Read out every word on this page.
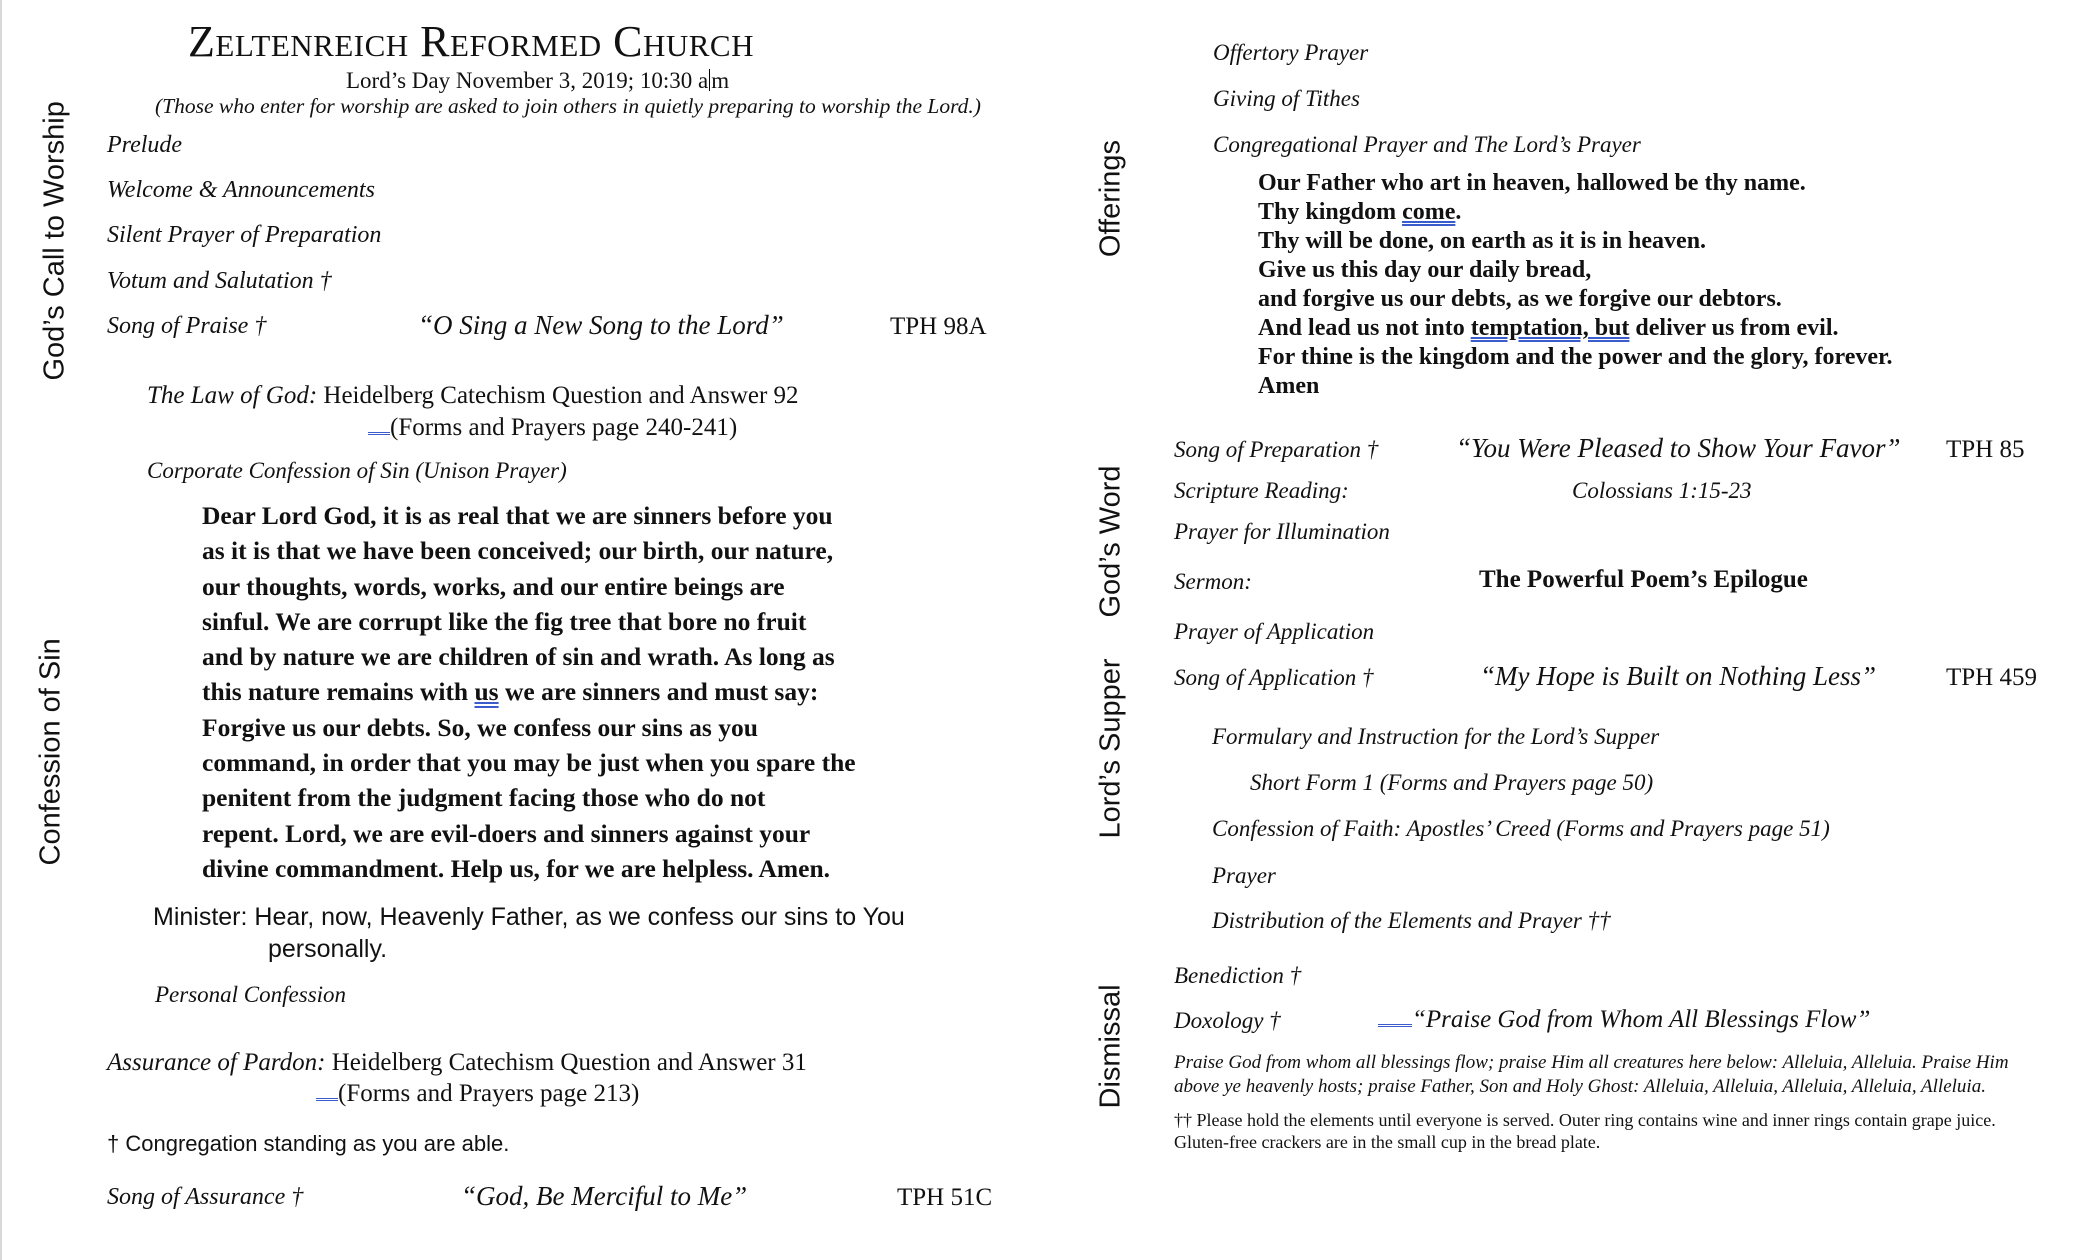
Zeltenreich Reformed Church
Lord’s Day November 3, 2019; 10:30 a m
(Those who enter for worship are asked to join others in quietly preparing to worship the Lord.)
God’s Call to Worship
Confession of Sin
Prelude
Welcome & Announcements
Silent Prayer of Preparation
Votum and Salutation †
Song of Praise †	“O Sing a New Song to the Lord”	TPH 98A
The Law of God: Heidelberg Catechism Question and Answer 92
(Forms and Prayers page 240-241)
Corporate Confession of Sin (Unison Prayer)
Dear Lord God, it is as real that we are sinners before you
as it is that we have been conceived; our birth, our nature,
our thoughts, words, works, and our entire beings are
sinful. We are corrupt like the fig tree that bore no fruit
and by nature we are children of sin and wrath. As long as
this nature remains with us we are sinners and must say:
Forgive us our debts. So, we confess our sins as you
command, in order that you may be just when you spare the
penitent from the judgment facing those who do not
repent. Lord, we are evil-doers and sinners against your
divine commandment. Help us, for we are helpless. Amen.
Minister: Hear, now, Heavenly Father, as we confess our sins to You
personally.
Personal Confession
Assurance of Pardon: Heidelberg Catechism Question and Answer 31
(Forms and Prayers page 213)
† Congregation standing as you are able.
Song of Assurance †	“God, Be Merciful to Me”	TPH 51C
Offerings
God’s Word
Lord’s Supper
Dismissal
Offertory Prayer
Giving of Tithes
Congregational Prayer and The Lord’s Prayer
Our Father who art in heaven, hallowed be thy name.
Thy kingdom come.
Thy will be done, on earth as it is in heaven.
Give us this day our daily bread,
and forgive us our debts, as we forgive our debtors.
And lead us not into temptation, but deliver us from evil.
For thine is the kingdom and the power and the glory, forever.
Amen
Song of Preparation †	“You Were Pleased to Show Your Favor” TPH 85
Scripture Reading:	Colossians 1:15-23
Prayer for Illumination
Sermon:	The Powerful Poem’s Epilogue
Prayer of Application
Song of Application †	“My Hope is Built on Nothing Less”	TPH 459
Formulary and Instruction for the Lord’s Supper
Short Form 1 (Forms and Prayers page 50)
Confession of Faith: Apostles’ Creed (Forms and Prayers page 51)
Prayer
Distribution of the Elements and Prayer ††
Benediction †
Doxology †	“Praise God from Whom All Blessings Flow”
Praise God from whom all blessings flow; praise Him all creatures here below: Alleluia, Alleluia. Praise Him
above ye heavenly hosts; praise Father, Son and Holy Ghost: Alleluia, Alleluia, Alleluia, Alleluia, Alleluia.
†† Please hold the elements until everyone is served. Outer ring contains wine and inner rings contain grape juice.
Gluten-free crackers are in the small cup in the bread plate.
